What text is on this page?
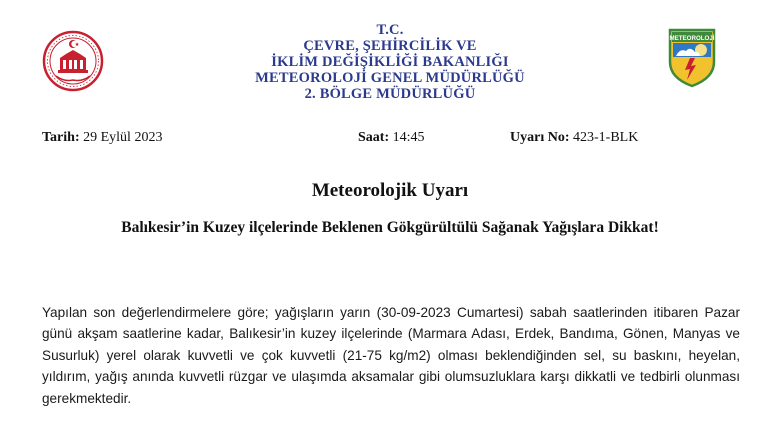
T.C.
ÇEVRE, ŞEHİRCİLİK VE
İKLİM DEĞİŞİKLİĞİ BAKANLIĞI
METEOROLOJİ GENEL MÜDÜRLÜĞÜ
2. BÖLGE MÜDÜRLÜĞÜ
METEOROLOJİ
Tarih: 29 Eylül 2023	Saat: 14:45	Uyarı No: 423-1-BLK
Meteorolojik Uyarı
Balıkesir’in Kuzey ilçelerinde Beklenen Gökgürültülü Sağanak Yağışlara Dikkat!
Yapılan son değerlendirmelere göre; yağışların yarın (30-09-2023 Cumartesi) sabah saatlerinden itibaren Pazar günü akşam saatlerine kadar, Balıkesir’in kuzey ilçelerinde (Marmara Adası, Erdek, Bandıma, Gönen, Manyas ve Susurluk) yerel olarak kuvvetli ve çok kuvvetli (21-75 kg/m2) olması beklendiğinden sel, su baskını, heyelan, yıldırım, yağış anında kuvvetli rüzgar ve ulaşımda aksamalar gibi olumsuzluklara karşı dikkatli ve tedbirli olunması gerekmektedir.
